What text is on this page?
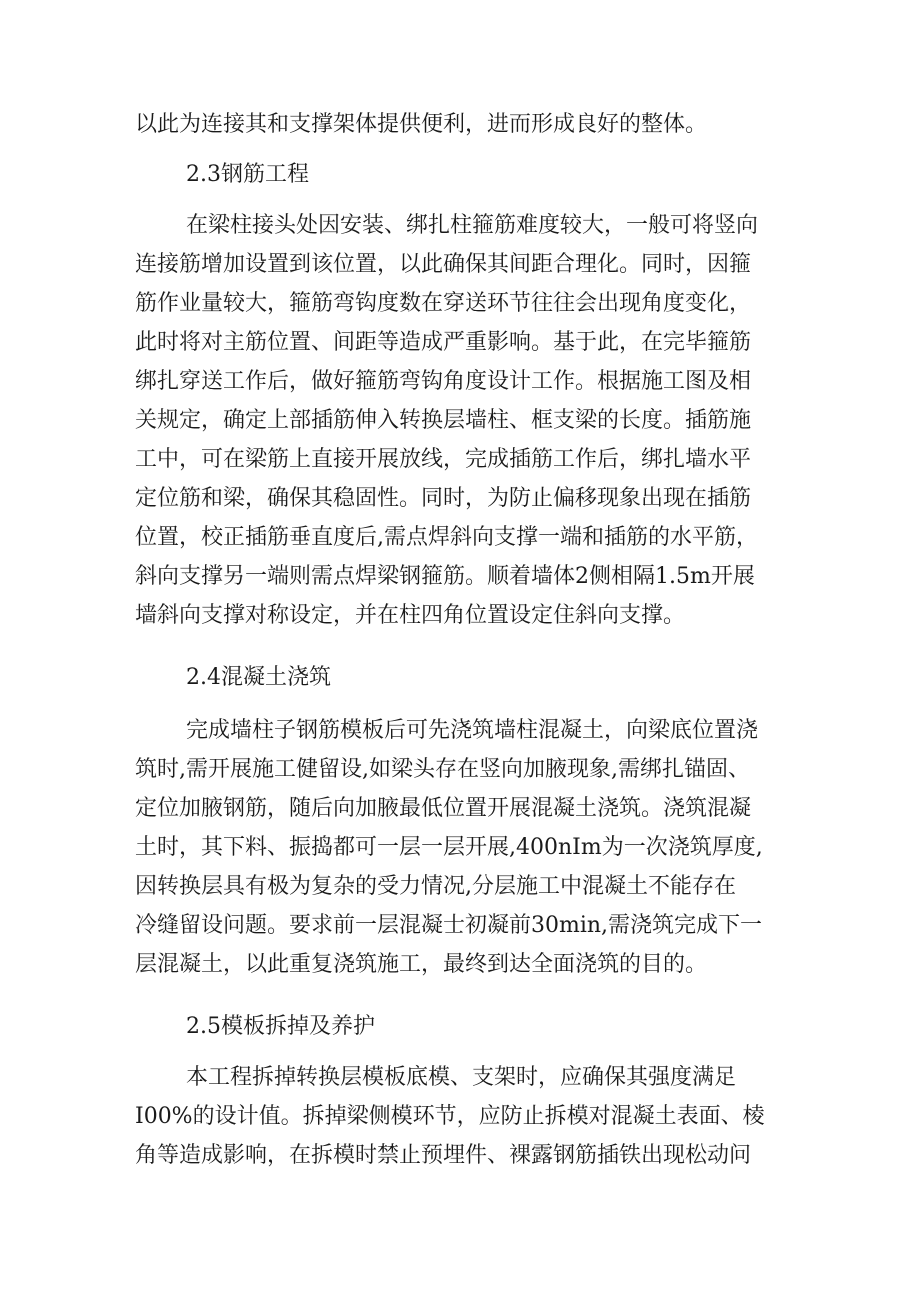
以此为连接其和支撑架体提供便利，进而形成良好的整体。
2.3钢筋工程
在梁柱接头处因安装、绑扎柱箍筋难度较大，一般可将竖向
连接筋增加设置到该位置，以此确保其间距合理化。同时，因箍
筋作业量较大，箍筋弯钩度数在穿送环节往往会出现角度变化，
此时将对主筋位置、间距等造成严重影响。基于此，在完毕箍筋
绑扎穿送工作后，做好箍筋弯钩角度设计工作。根据施工图及相
关规定，确定上部插筋伸入转换层墙柱、框支梁的长度。插筋施
工中，可在梁筋上直接开展放线，完成插筋工作后，绑扎墙水平
定位筋和梁，确保其稳固性。同时，为防止偏移现象出现在插筋
位置，校正插筋垂直度后,需点焊斜向支撑一端和插筋的水平筋，
斜向支撑另一端则需点焊梁钢箍筋。顺着墙体2侧相隔1.5m开展
墙斜向支撑对称设定，并在柱四角位置设定住斜向支撑。
2.4混凝土浇筑
完成墙柱子钢筋模板后可先浇筑墙柱混凝土，向梁底位置浇
筑时,需开展施工健留设,如梁头存在竖向加腋现象,需绑扎锚固、
定位加腋钢筋，随后向加腋最低位置开展混凝土浇筑。浇筑混凝
土时，其下料、振捣都可一层一层开展,400nIm为一次浇筑厚度,
因转换层具有极为复杂的受力情况,分层施工中混凝土不能存在
冷缝留设问题。要求前一层混凝士初凝前30min,需浇筑完成下一
层混凝土，以此重复浇筑施工，最终到达全面浇筑的目的。
2.5模板拆掉及养护
本工程拆掉转换层模板底模、支架时，应确保其强度满足
I00%的设计值。拆掉梁侧模环节，应防止拆模对混凝土表面、棱
角等造成影响，在拆模时禁止预埋件、裸露钢筋插铁出现松动问
